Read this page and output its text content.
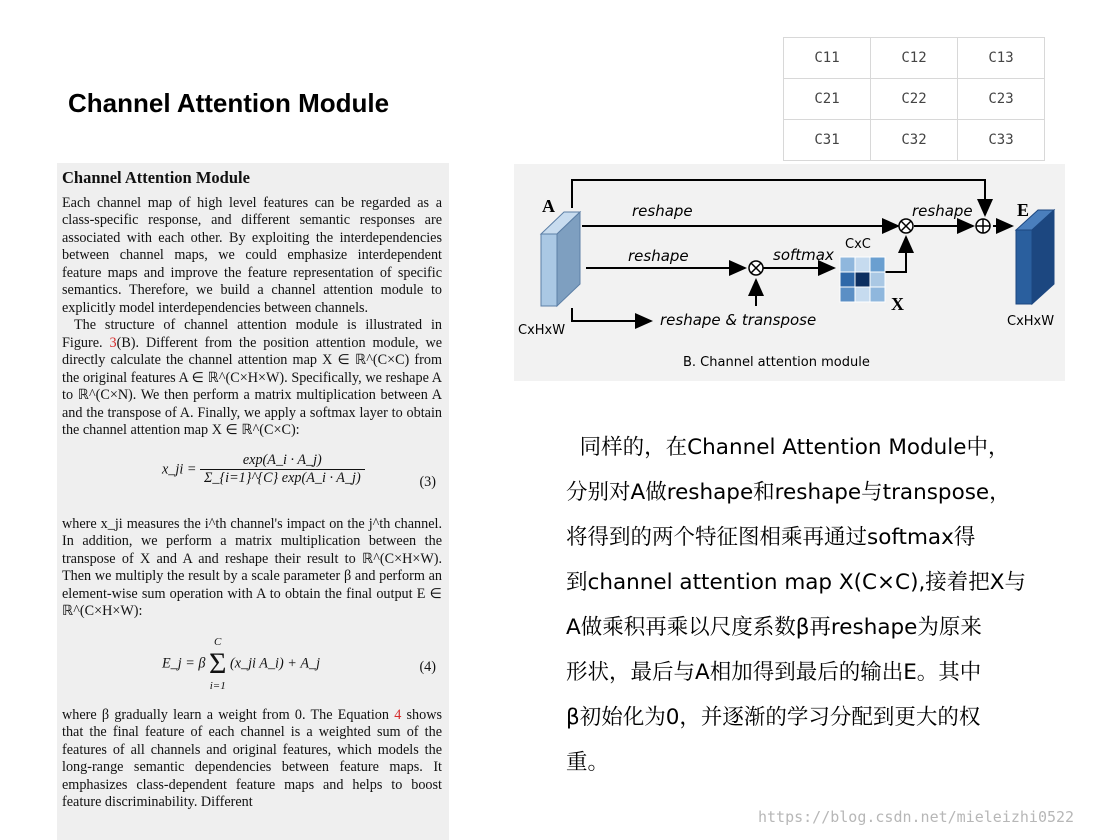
Channel Attention Module
Channel Attention Module

Each channel map of high level features can be regarded as a class-specific response, and different semantic responses are associated with each other. By exploiting the interdependencies between channel maps, we could emphasize interdependent feature maps and improve the feature representation of specific semantics. Therefore, we build a channel attention module to explicitly model interdependencies between channels.

The structure of channel attention module is illustrated in Figure. 3(B). Different from the position attention module, we directly calculate the channel attention map X ∈ ℝ^(C×C) from the original features A ∈ ℝ^(C×H×W). Specifically, we reshape A to ℝ^(C×N). We then perform a matrix multiplication between A and the transpose of A. Finally, we apply a softmax layer to obtain the channel attention map X ∈ ℝ^(C×C):

x_ji = $\frac{\exp(A\_i \cdot A\_j)}{\Sigma\_\{i=1\}\^{}\{C\} \exp(A\_i \cdot A\_j)}$	(3)

where x_ji measures the i^th channel's impact on the j^th channel. In addition, we perform a matrix multiplication between the transpose of X and A and reshape their result to ℝ^(C×H×W). Then we multiply the result by a scale parameter β and perform an element-wise sum operation with A to obtain the final output E ∈ ℝ^(C×H×W):

E_j = β
C
Σ
i=1
(x_ji A_i) + A_j	(4)

where β gradually learn a weight from 0. The Equation 4 shows that the final feature of each channel is a weighted sum of the features of all channels and original features, which models the long-range semantic dependencies between feature maps. It emphasizes class-dependent feature maps and helps to boost feature discriminability. Different

C11	C12	C13
C21	C22	C23
C31	C32	C33
reshape
reshape	softmax
reshape
reshape & transpose
CxC
A	E
X
CxHxW
CxHxW
B. Channel attention module
同样的，在Channel Attention Module中，
分别对A做reshape和reshape与transpose，
将得到的两个特征图相乘再通过softmax得
到channel attention map X(C×C),接着把X与
A做乘积再乘以尺度系数β再reshape为原来
形状，最后与A相加得到最后的输出E。其中
β初始化为0，并逐渐的学习分配到更大的权
重。
https://blog.csdn.net/mieleizhi0522
